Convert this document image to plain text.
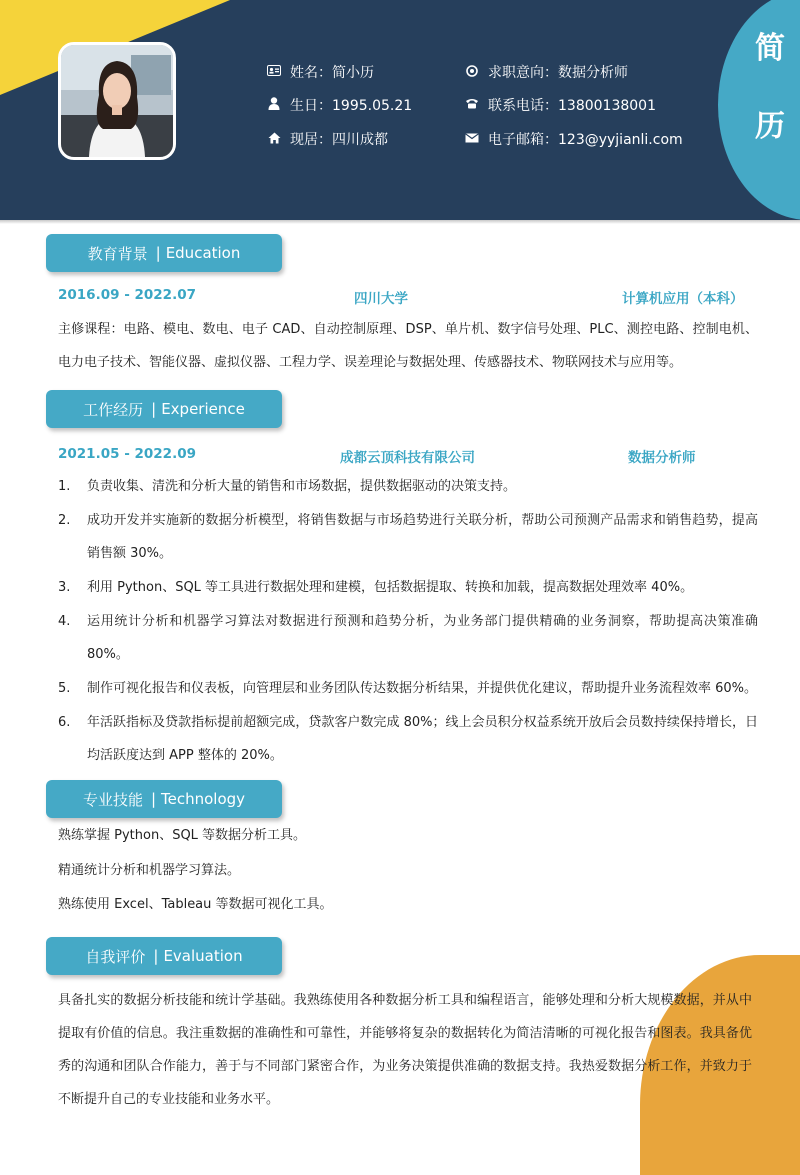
简
历
姓名：简小历
生日：1995.05.21
现居：四川成都
求职意向：数据分析师
联系电话：13800138001
电子邮箱：123@yyjianli.com
教育背景 | Education
2016.09 - 2022.07	四川大学	计算机应用（本科）
主修课程：电路、模电、数电、电子 CAD、自动控制原理、DSP、单片机、数字信号处理、PLC、测控电路、控制电机、电力电子技术、智能仪器、虚拟仪器、工程力学、误差理论与数据处理、传感器技术、物联网技术与应用等。
工作经历 | Experience
2021.05 - 2022.09	成都云顶科技有限公司	数据分析师
1. 负责收集、清洗和分析大量的销售和市场数据，提供数据驱动的决策支持。
2. 成功开发并实施新的数据分析模型，将销售数据与市场趋势进行关联分析，帮助公司预测产品需求和销售趋势，提高销售额 30%。
3. 利用 Python、SQL 等工具进行数据处理和建模，包括数据提取、转换和加载，提高数据处理效率 40%。
4. 运用统计分析和机器学习算法对数据进行预测和趋势分析，为业务部门提供精确的业务洞察，帮助提高决策准确 80%。
5. 制作可视化报告和仪表板，向管理层和业务团队传达数据分析结果，并提供优化建议，帮助提升业务流程效率 60%。
6. 年活跃指标及贷款指标提前超额完成，贷款客户数完成 80%；线上会员积分权益系统开放后会员数持续保持增长，日均活跃度达到 APP 整体的 20%。
专业技能 | Technology
熟练掌握 Python、SQL 等数据分析工具。
精通统计分析和机器学习算法。
熟练使用 Excel、Tableau 等数据可视化工具。
自我评价 | Evaluation
具备扎实的数据分析技能和统计学基础。我熟练使用各种数据分析工具和编程语言，能够处理和分析大规模数据，并从中提取有价值的信息。我注重数据的准确性和可靠性，并能够将复杂的数据转化为简洁清晰的可视化报告和图表。我具备优秀的沟通和团队合作能力，善于与不同部门紧密合作，为业务决策提供准确的数据支持。我热爱数据分析工作，并致力于不断提升自己的专业技能和业务水平。
